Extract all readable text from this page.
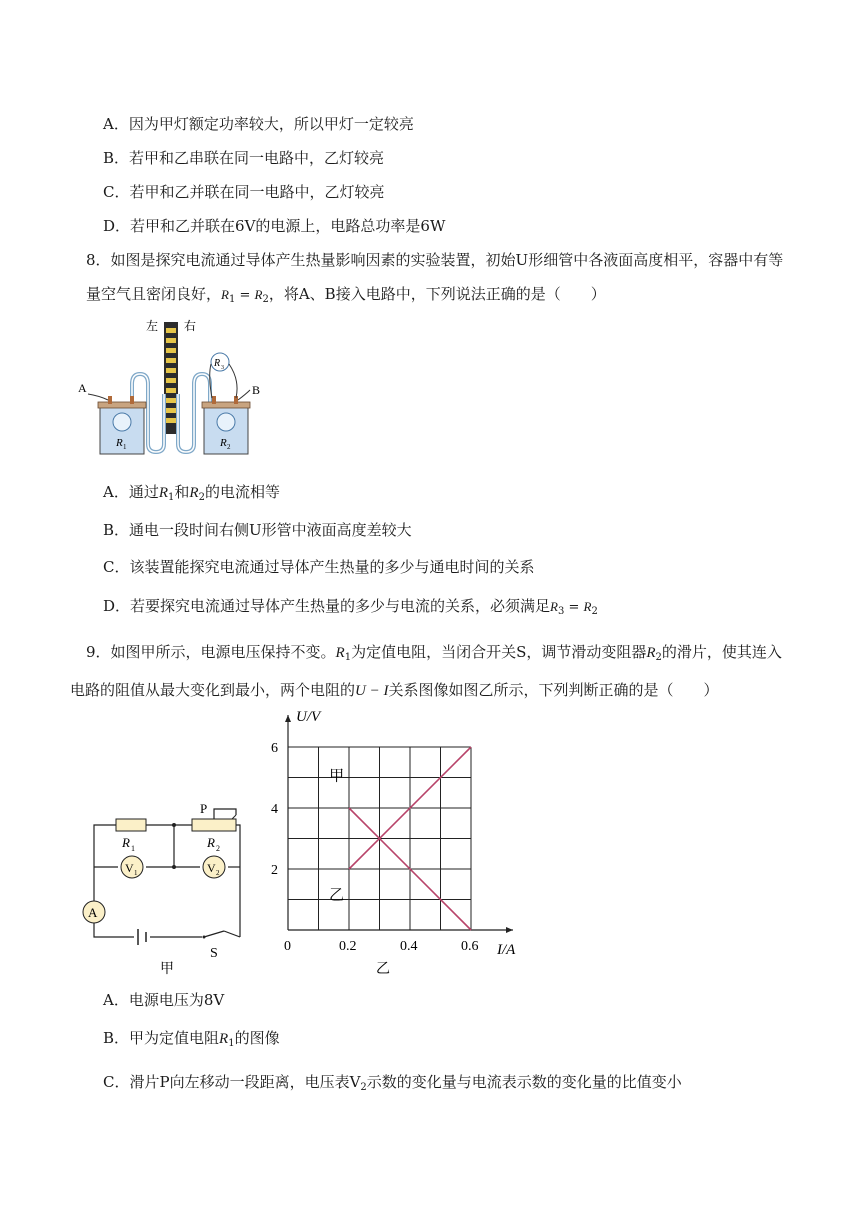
A．因为甲灯额定功率较大，所以甲灯一定较亮
B．若甲和乙串联在同一电路中，乙灯较亮
C．若甲和乙并联在同一电路中，乙灯较亮
D．若甲和乙并联在6V的电源上，电路总功率是6W
8．如图是探究电流通过导体产生热量影响因素的实验装置，初始U形细管中各液面高度相平，容器中有等
量空气且密闭良好，$R_1 = R_2$，将A、B接入电路中，下列说法正确的是（　　）
左 右
R 1	R 2
R 3
A	B
A．通过$R_1$和$R_2$的电流相等
B．通电一段时间右侧U形管中液面高度差较大
C．该装置能探究电流通过导体产生热量的多少与通电时间的关系
D．若要探究电流通过导体产生热量的多少与电流的关系，必须满足$R_3 = R_2$
9．如图甲所示，电源电压保持不变。$R_1$为定值电阻，当闭合开关S，调节滑动变阻器$R_2$的滑片，使其连入
电路的阻值从最大变化到最小，两个电阻的U − I关系图像如图乙所示，下列判断正确的是（　　）
R 1
P
R 2
V 1	V 2
A
S
甲
0	0.2	0.4	0.6
2
4
6
I/A
U/V
甲
乙
乙
A．电源电压为8V
B．甲为定值电阻$R_1$的图像
C．滑片P向左移动一段距离，电压表$V_2$示数的变化量与电流表示数的变化量的比值变小
